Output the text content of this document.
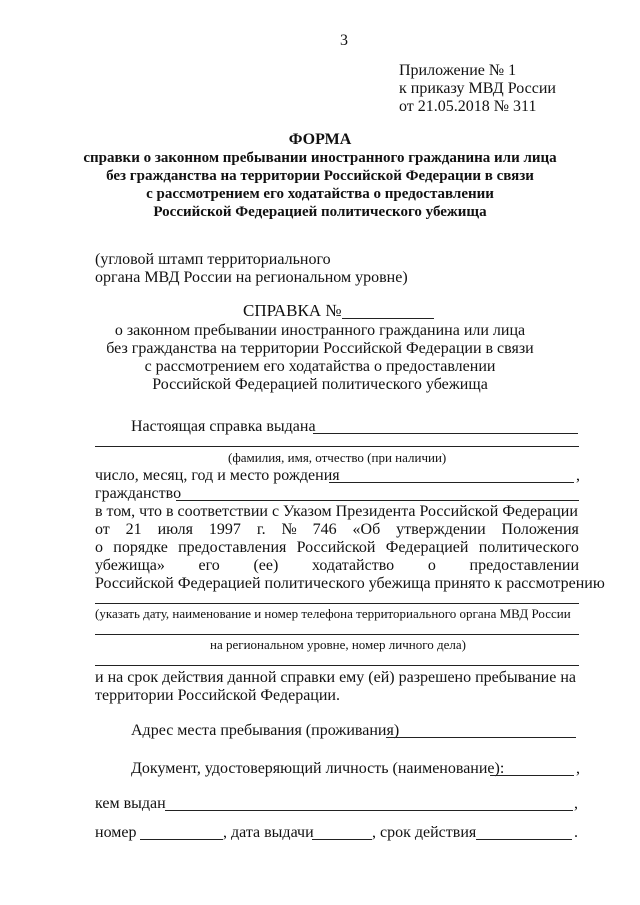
3
Приложение № 1
к приказу МВД России
от 21.05.2018 № 311
ФОРМА
справки о законном пребывании иностранного гражданина или лица
без гражданства на территории Российской Федерации в связи
с рассмотрением его ходатайства о предоставлении
Российской Федерацией политического убежища
(угловой штамп территориального
органа МВД России на региональном уровне)
СПРАВКА №
о законном пребывании иностранного гражданина или лица
без гражданства на территории Российской Федерации в связи
с рассмотрением его ходатайства о предоставлении
Российской Федерацией политического убежища
Настоящая справка выдана
(фамилия, имя, отчество (при наличии)
число, месяц, год и место рождения	,
гражданство
в том, что в соответствии с Указом Президента Российской Федерации
от 21 июля 1997 г. № 746 «Об утверждении Положения
о порядке предоставления Российской Федерацией политического
убежища» его (ее) ходатайство о предоставлении
Российской Федерацией политического убежища принято к рассмотрению
(указать дату, наименование и номер телефона территориального органа МВД России
на региональном уровне, номер личного дела)
и на срок действия данной справки ему (ей) разрешено пребывание на
территории Российской Федерации.
Адрес места пребывания (проживания)
Документ, удостоверяющий личность (наименование):	,
кем выдан	,
номер	, дата выдачи	, срок действия	.
